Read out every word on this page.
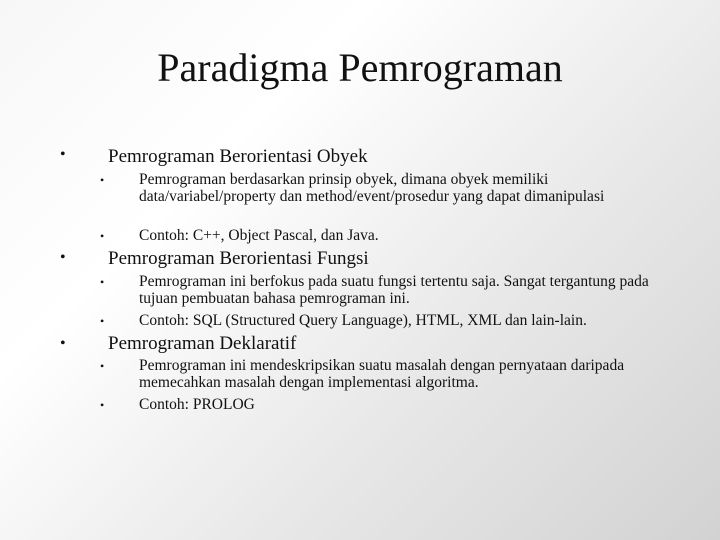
Paradigma Pemrograman
• Pemrograman Berorientasi Obyek
• Pemrograman berdasarkan prinsip obyek, dimana obyek memiliki data/variabel/property dan method/event/prosedur yang dapat dimanipulasi
• Contoh: C++, Object Pascal, dan Java.
• Pemrograman Berorientasi Fungsi
• Pemrograman ini berfokus pada suatu fungsi tertentu saja. Sangat tergantung pada tujuan pembuatan bahasa pemrograman ini.
• Contoh: SQL (Structured Query Language), HTML, XML dan lain-lain.
• Pemrograman Deklaratif
• Pemrograman ini mendeskripsikan suatu masalah dengan pernyataan daripada memecahkan masalah dengan implementasi algoritma.
• Contoh: PROLOG
